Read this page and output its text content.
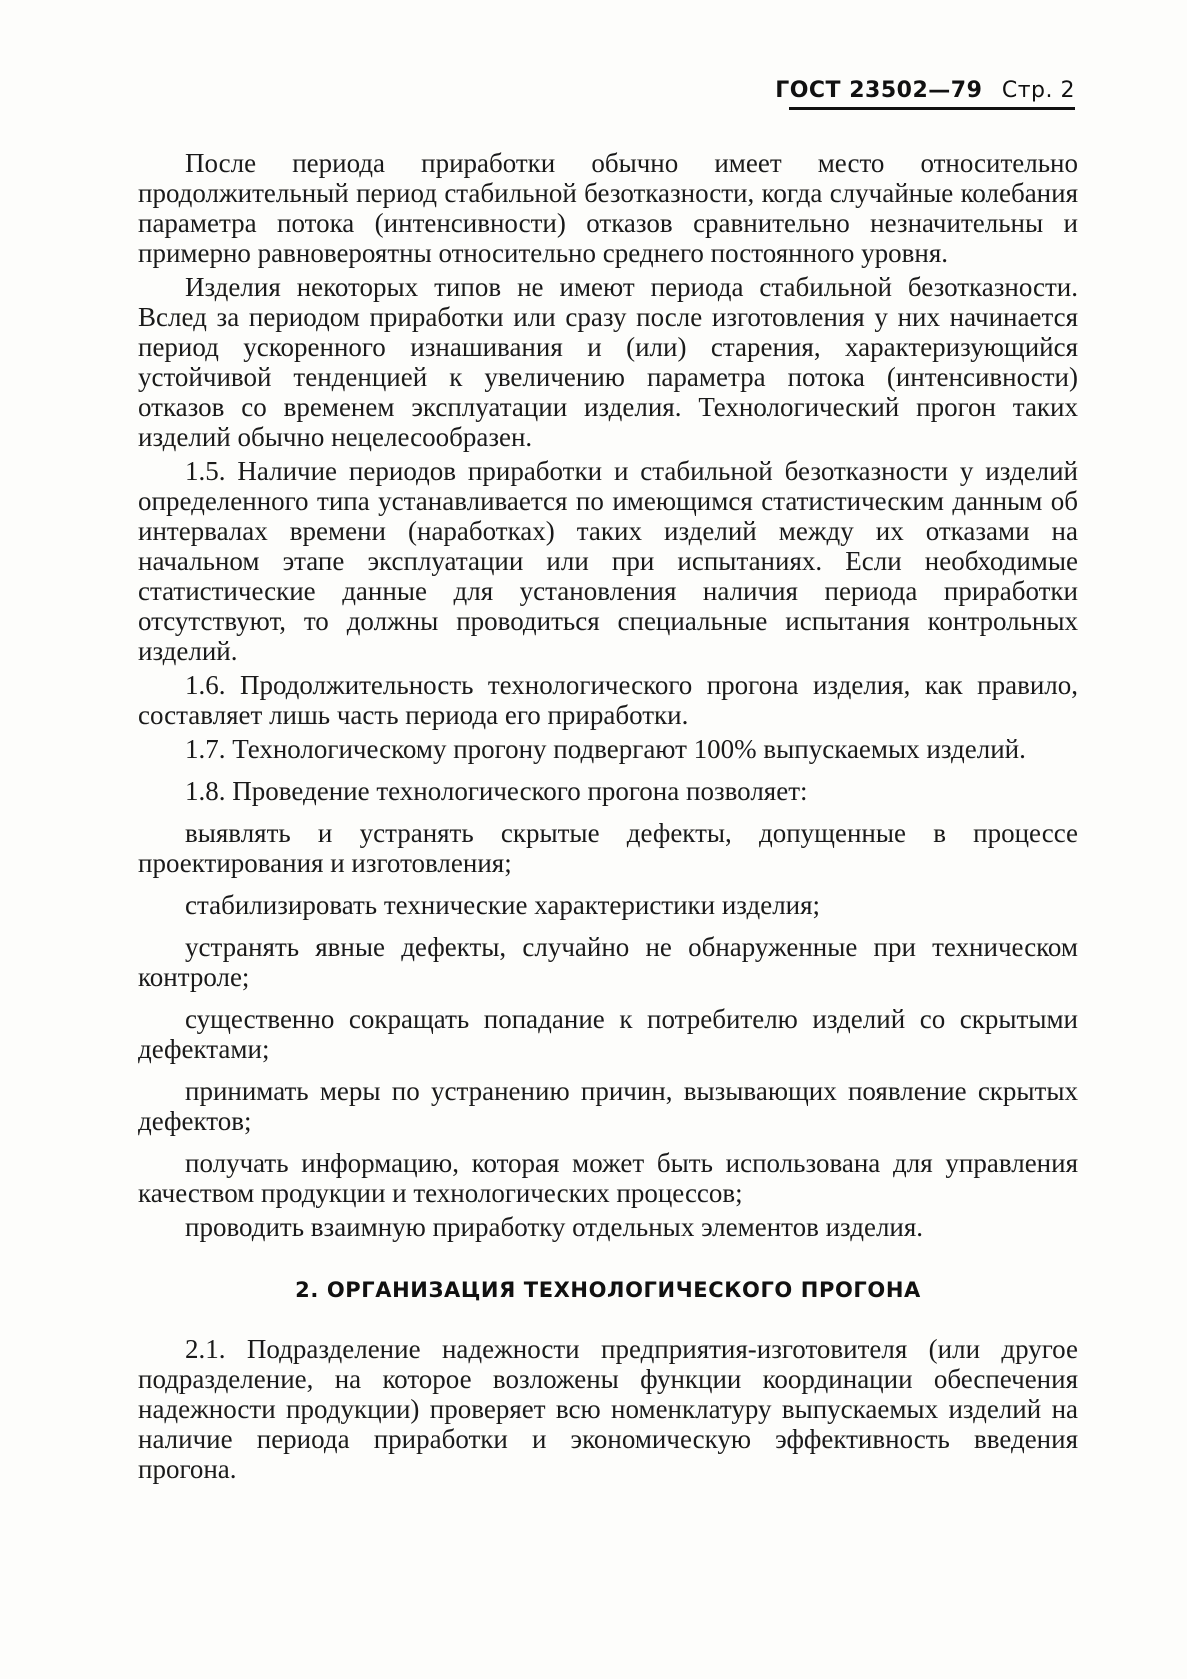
ГОСТ 23502—79 Стр. 2

После периода приработки обычно имеет место относительно продолжительный период стабильной безотказности, когда случайные колебания параметра потока (интенсивности) отказов сравнительно незначительны и примерно равновероятны относительно среднего постоянного уровня.

Изделия некоторых типов не имеют периода стабильной безотказности. Вслед за периодом приработки или сразу после изготовления у них начинается период ускоренного изнашивания и (или) старения, характеризующийся устойчивой тенденцией к увеличению параметра потока (интенсивности) отказов со временем эксплуатации изделия. Технологический прогон таких изделий обычно нецелесообразен.

1.5. Наличие периодов приработки и стабильной безотказности у изделий определенного типа устанавливается по имеющимся статистическим данным об интервалах времени (наработках) таких изделий между их отказами на начальном этапе эксплуатации или при испытаниях. Если необходимые статистические данные для установления наличия периода приработки отсутствуют, то должны проводиться специальные испытания контрольных изделий.

1.6. Продолжительность технологического прогона изделия, как правило, составляет лишь часть периода его приработки.

1.7. Технологическому прогону подвергают 100% выпускаемых изделий.

1.8. Проведение технологического прогона позволяет:

выявлять и устранять скрытые дефекты, допущенные в процессе проектирования и изготовления;

стабилизировать технические характеристики изделия;

устранять явные дефекты, случайно не обнаруженные при техническом контроле;

существенно сокращать попадание к потребителю изделий со скрытыми дефектами;

принимать меры по устранению причин, вызывающих появление скрытых дефектов;

получать информацию, которая может быть использована для управления качеством продукции и технологических процессов;

проводить взаимную приработку отдельных элементов изделия.

2. ОРГАНИЗАЦИЯ ТЕХНОЛОГИЧЕСКОГО ПРОГОНА

2.1. Подразделение надежности предприятия-изготовителя (или другое подразделение, на которое возложены функции координации обеспечения надежности продукции) проверяет всю номенклатуру выпускаемых изделий на наличие периода приработки и экономическую эффективность введения прогона.
